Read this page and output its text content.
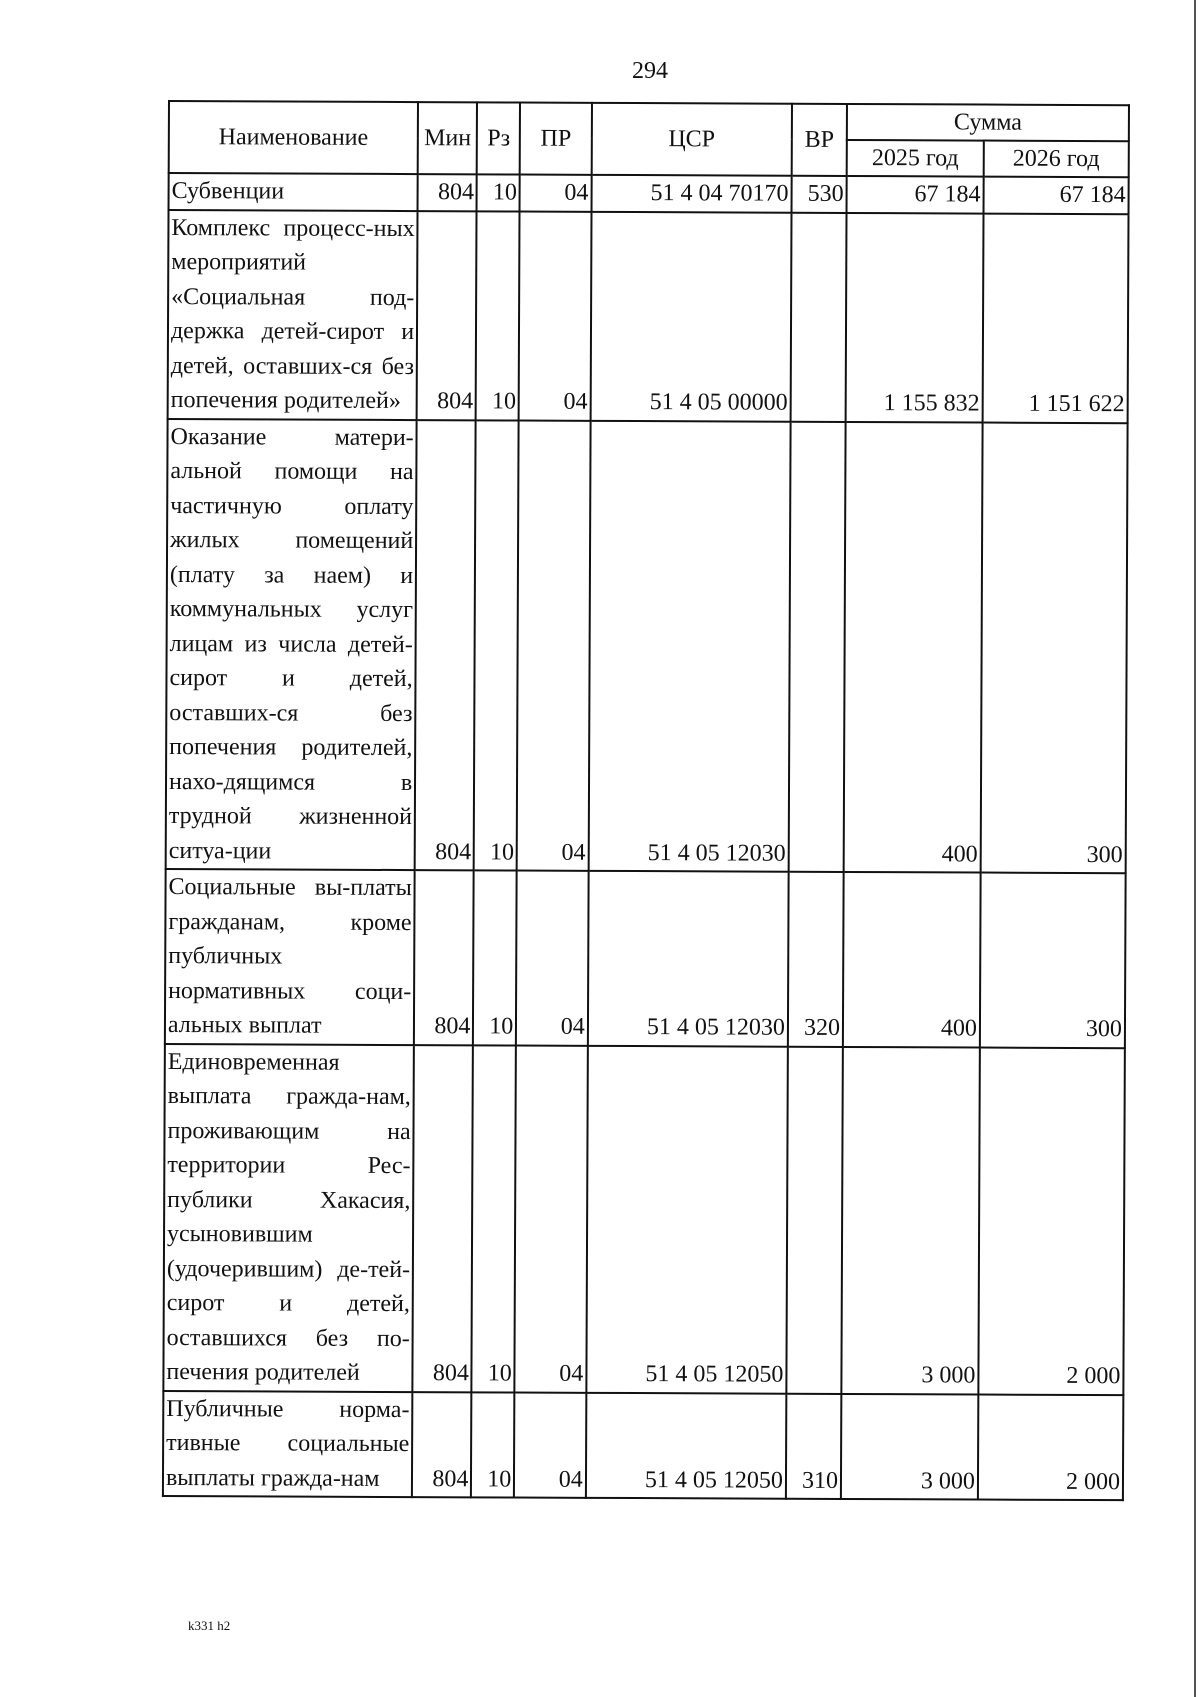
294
Наименование	Мин	Рз	ПР	ЦСР	ВР	Сумма	
						2025 год	2026 год
Субвенции	804	10	04	51 4 04 70170	530	67 184	67 184
Комплекс процесс-ных мероприятий «Социальная под-держка детей-сирот и детей, оставших-ся без попечения родителей»	804	10	04	51 4 05 00000		1 155 832	1 151 622
Оказание матери-альной помощи на частичную оплату жилых помещений (плату за наем) и коммунальных услуг лицам из числа детей-сирот и детей, оставших-ся без попечения родителей, нахо-дящимся в трудной жизненной ситуа-ции	804	10	04	51 4 05 12030		400	300
Социальные вы-платы гражданам, кроме публичных нормативных соци-альных выплат	804	10	04	51 4 05 12030	320	400	300
Единовременная выплата гражда-нам, проживающим на территории Рес-публики Хакасия, усыновившим (удочерившим) де-тей-сирот и детей, оставшихся без по-печения родителей	804	10	04	51 4 05 12050		3 000	2 000
Публичные норма-тивные социальные выплаты гражда-нам	804	10	04	51 4 05 12050	310	3 000	2 000
k331 h2
